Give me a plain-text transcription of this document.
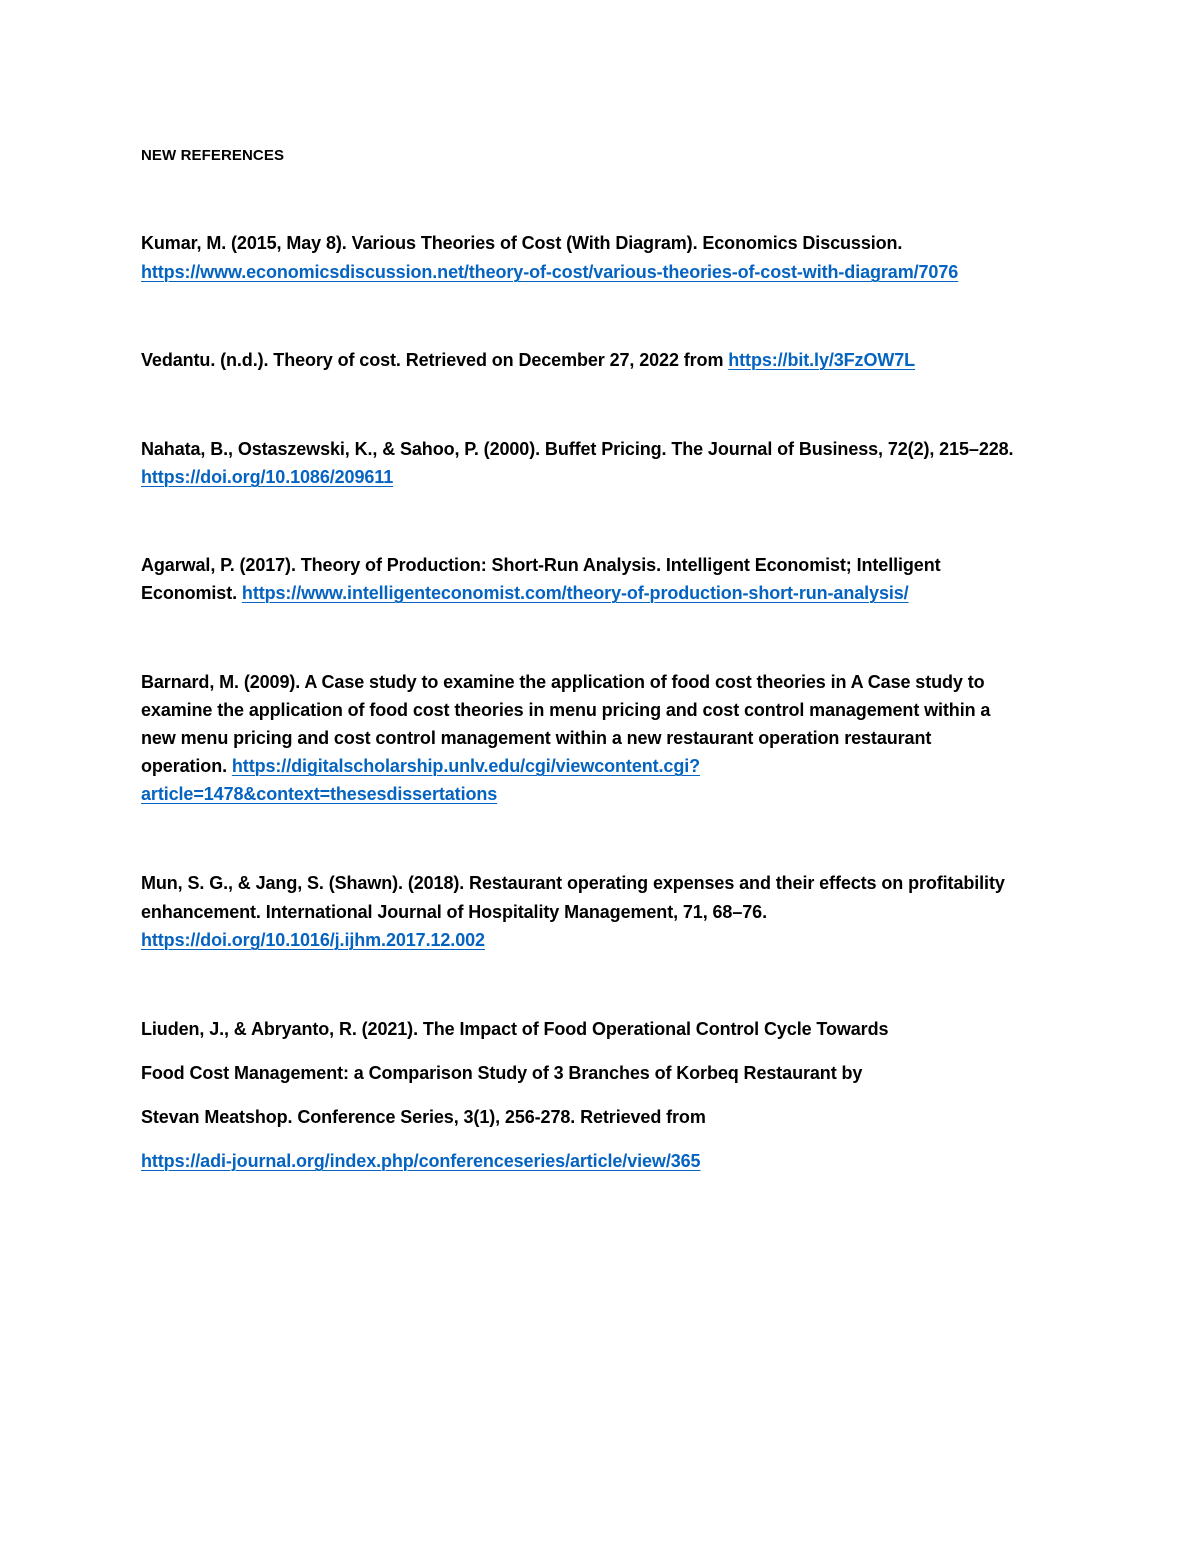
NEW REFERENCES
Kumar, M. (2015, May 8). Various Theories of Cost (With Diagram). Economics Discussion.
https://www.economicsdiscussion.net/theory-of-cost/various-theories-of-cost-with-diagram/7076
Vedantu. (n.d.). Theory of cost. Retrieved on December 27, 2022 from https://bit.ly/3FzOW7L
Nahata, B., Ostaszewski, K., & Sahoo, P. (2000). Buffet Pricing. The Journal of Business, 72(2), 215–228.
https://doi.org/10.1086/209611
Agarwal, P. (2017). Theory of Production: Short-Run Analysis. Intelligent Economist; Intelligent
Economist. https://www.intelligenteconomist.com/theory-of-production-short-run-analysis/
Barnard, M. (2009). A Case study to examine the application of food cost theories in A Case study to
examine the application of food cost theories in menu pricing and cost control management within a
new menu pricing and cost control management within a new restaurant operation restaurant
operation. https://digitalscholarship.unlv.edu/cgi/viewcontent.cgi?
article=1478&context=thesesdissertations
Mun, S. G., & Jang, S. (Shawn). (2018). Restaurant operating expenses and their effects on profitability
enhancement. International Journal of Hospitality Management, 71, 68–76.
https://doi.org/10.1016/j.ijhm.2017.12.002
Liuden, J., & Abryanto, R. (2021). The Impact of Food Operational Control Cycle Towards
Food Cost Management: a Comparison Study of 3 Branches of Korbeq Restaurant by
Stevan Meatshop. Conference Series, 3(1), 256-278. Retrieved from
https://adi-journal.org/index.php/conferenceseries/article/view/365
